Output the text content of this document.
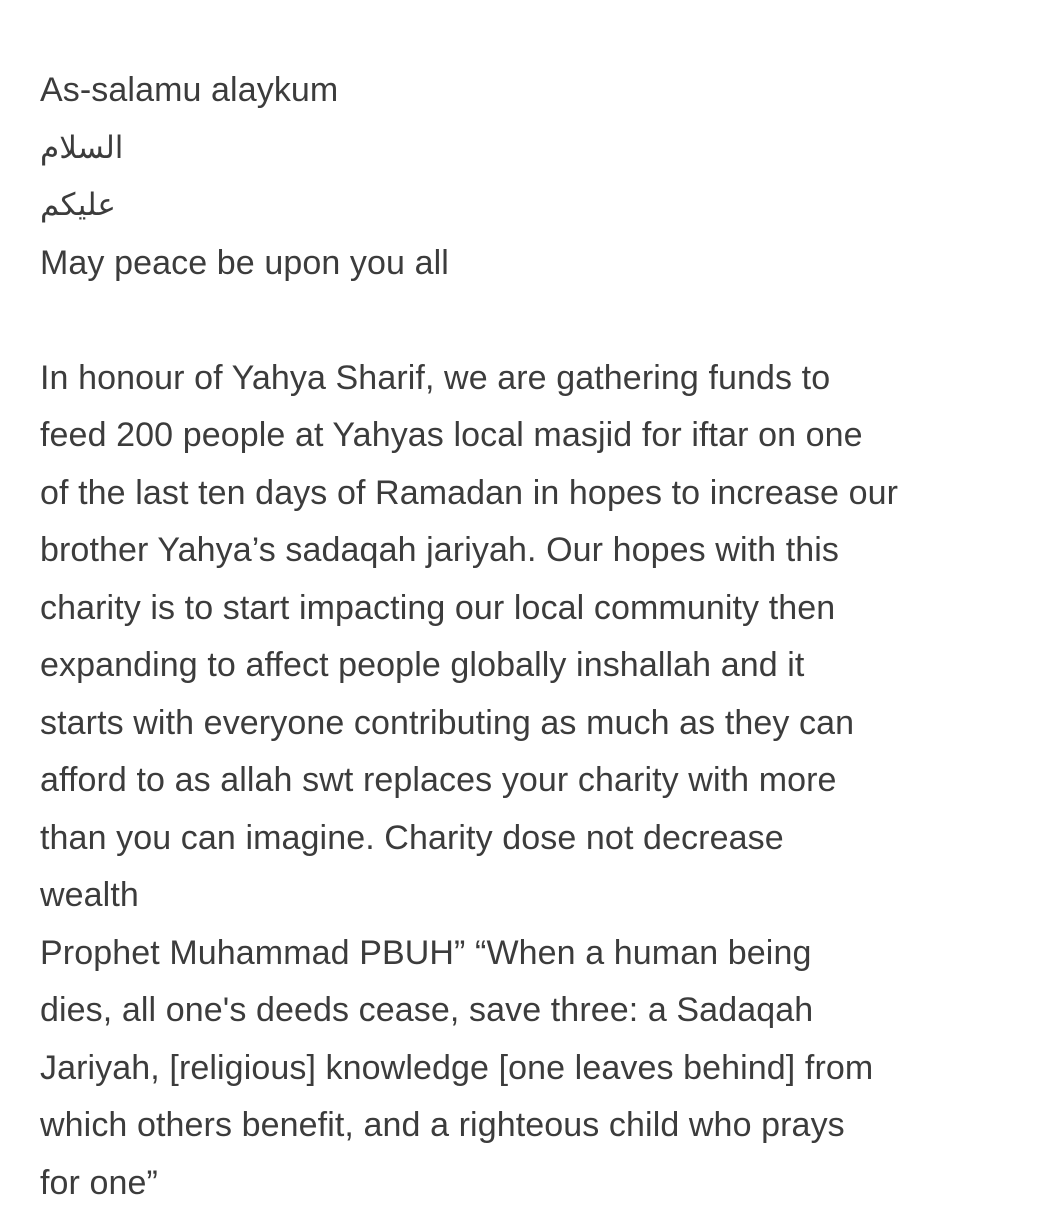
As-salamu alaykum
السلام عليكم
May peace be upon you all
In honour of Yahya Sharif, we are gathering funds to
feed 200 people at Yahyas local masjid for iftar on one
of the last ten days of Ramadan in hopes to increase our
brother Yahya’s sadaqah jariyah. Our hopes with this
charity is to start impacting our local community then
expanding to affect people globally inshallah and it
starts with everyone contributing as much as they can
afford to as allah swt replaces your charity with more
than you can imagine. Charity dose not decrease
wealth
Prophet Muhammad PBUH” “When a human being
dies, all one's deeds cease, save three: a Sadaqah
Jariyah, [religious] knowledge [one leaves behind] from
which others benefit, and a righteous child who prays
for one”
